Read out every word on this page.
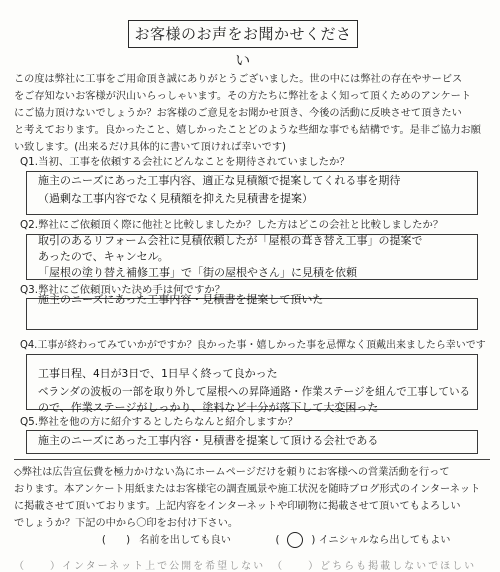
お客様のお声をお聞かせください

この度は弊社に工事をご用命頂き誠にありがとうございました。世の中には弊社の存在やサービス

をご存知ないお客様が沢山いらっしゃいます。その方たちに弊社をよく知って頂くためのアンケート

にご協力頂けないでしょうか？お客様のご意見をお聞かせ頂き、今後の活動に反映させて頂きたい

と考えております。良かったこと、嬉しかったことどのような些細な事でも結構です。是非ご協力お願

い致します。(出来るだけ具体的に書いて頂ければ幸いです)

Q1.当初、工事を依頼する会社にどんなことを期待されていましたか？
施主のニーズにあった工事内容、適正な見積額で提案してくれる事を期待
（過剰な工事内容でなく見積額を抑えた見積書を提案）
Q2.弊社にご依頼頂く際に他社と比較しましたか？した方はどこの会社と比較しましたか？
取引のあるリフォーム会社に見積依頼したが「屋根の葺き替え工事」の提案で
あったので、キャンセル。
「屋根の塗り替え補修工事」で「街の屋根やさん」に見積を依頼
Q3.弊社にご依頼頂いた決め手は何ですか？
施主のニーズにあった工事内容・見積書を提案して頂いた
Q4.工事が終わってみていかがですか？良かった事・嬉しかった事を忌憚なく頂戴出来ましたら幸いです
工事日程、4日が3日で、1日早く終って良かった
ベランダの波板の一部を取り外して屋根への昇降通路・作業ステージを組んで工事している
ので、作業ステージがしっかり、塗料など十分が落下して大変困った
Q5.弊社を他の方に紹介するとしたらなんと紹介しますか？
施主のニーズにあった工事内容・見積書を提案して頂ける会社である

◇弊社は広告宣伝費を極力かけない為にホームページだけを頼りにお客様への営業活動を行って

おります。本アンケート用紙またはお客様宅の調査風景や施工状況を随時ブログ形式のインターネット

に掲載させて頂いております。上記内容をインターネットや印刷物に掲載させて頂いてもよろしい

でしょうか？下記の中から〇印をお付け下さい。

(　　) 名前を出しても良い	(	) イニシャルなら出してもよい
（　　）インターネット上で公開を希望しない　（　　）どちらも掲載しないでほしい
